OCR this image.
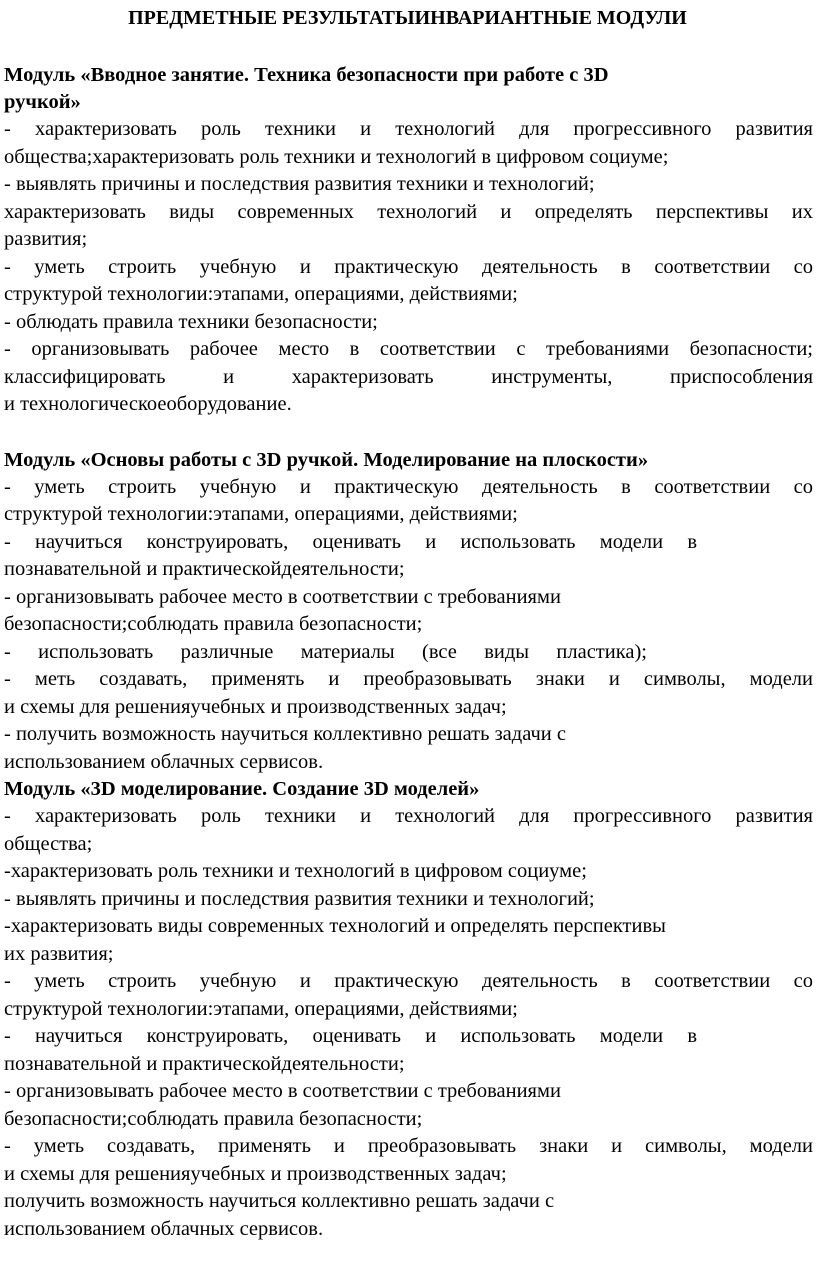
ПРЕДМЕТНЫЕ РЕЗУЛЬТАТЫИНВАРИАНТНЫЕ МОДУЛИ
Модуль «Вводное занятие. Техника безопасности при работе с 3D
ручкой»
- характеризовать роль техники и технологий для прогрессивного развития
общества;характеризовать роль техники и технологий в цифровом социуме;
- выявлять причины и последствия развития техники и технологий;
характеризовать виды современных технологий и определять перспективы их
развития;
- уметь строить учебную и практическую деятельность в соответствии со
структурой технологии:этапами, операциями, действиями;
- облюдать правила техники безопасности;
- организовывать рабочее место в соответствии с требованиями безопасности;
классифицировать и характеризовать инструменты, приспособления
и технологическоеоборудование.
Модуль «Основы работы с 3D ручкой. Моделирование на плоскости»
- уметь строить учебную и практическую деятельность в соответствии со
структурой технологии:этапами, операциями, действиями;
- научиться конструировать, оценивать и использовать модели в
познавательной и практическойдеятельности;
- организовывать рабочее место в соответствии с требованиями
безопасности;соблюдать правила безопасности;
- использовать различные материалы (все виды пластика);
- меть создавать, применять и преобразовывать знаки и символы, модели
и схемы для решенияучебных и производственных задач;
- получить возможность научиться коллективно решать задачи с
использованием облачных сервисов.
Модуль «3D моделирование. Создание 3D моделей»
- характеризовать роль техники и технологий для прогрессивного развития
общества;
-характеризовать роль техники и технологий в цифровом социуме;
- выявлять причины и последствия развития техники и технологий;
-характеризовать виды современных технологий и определять перспективы
их развития;
- уметь строить учебную и практическую деятельность в соответствии со
структурой технологии:этапами, операциями, действиями;
- научиться конструировать, оценивать и использовать модели в
познавательной и практическойдеятельности;
- организовывать рабочее место в соответствии с требованиями
безопасности;соблюдать правила безопасности;
- уметь создавать, применять и преобразовывать знаки и символы, модели
и схемы для решенияучебных и производственных задач;
получить возможность научиться коллективно решать задачи с
использованием облачных сервисов.
